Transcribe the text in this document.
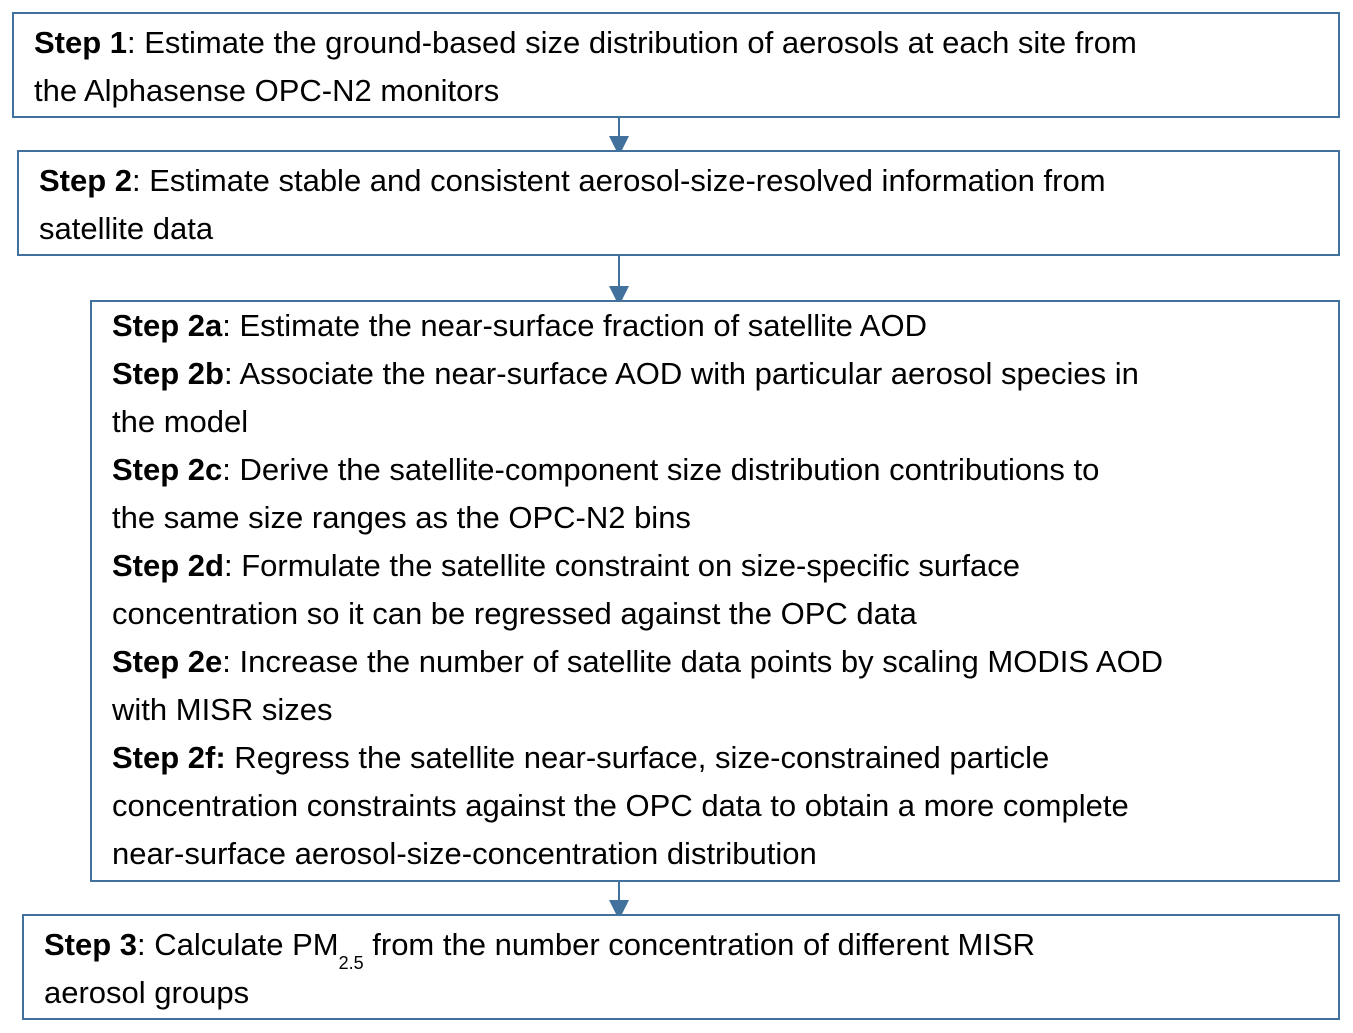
Step 1: Estimate the ground-based size distribution of aerosols at each site from
the Alphasense OPC-N2 monitors
Step 2: Estimate stable and consistent aerosol-size-resolved information from
satellite data
Step 2a: Estimate the near-surface fraction of satellite AOD
Step 2b: Associate the near-surface AOD with particular aerosol species in
the model
Step 2c: Derive the satellite-component size distribution contributions to
the same size ranges as the OPC-N2 bins
Step 2d: Formulate the satellite constraint on size-specific surface
concentration so it can be regressed against the OPC data
Step 2e: Increase the number of satellite data points by scaling MODIS AOD
with MISR sizes
Step 2f: Regress the satellite near-surface, size-constrained particle
concentration constraints against the OPC data to obtain a more complete
near-surface aerosol-size-concentration distribution
Step 3: Calculate $PM_{2.5}$ from the number concentration of different MISR
aerosol groups
